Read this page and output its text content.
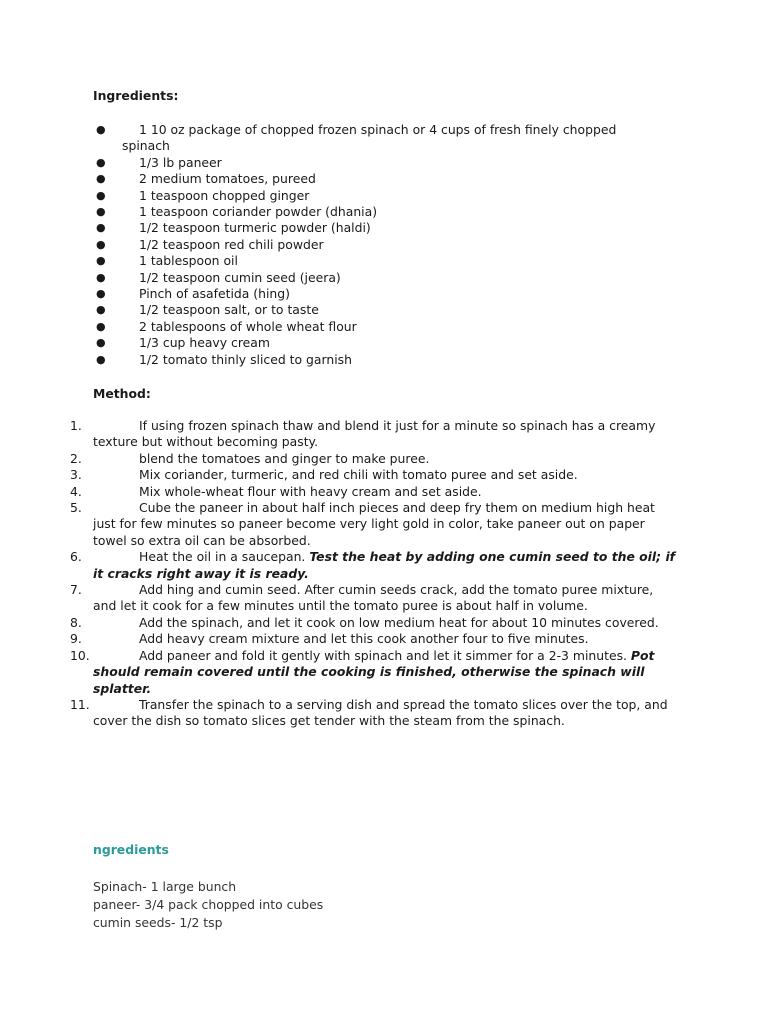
Ingredients:
●	1 10 oz package of chopped frozen spinach or 4 cups of fresh finely chopped spinach
●	1/3 lb paneer
●	2 medium tomatoes, pureed
●	1 teaspoon chopped ginger
●	1 teaspoon coriander powder (dhania)
●	1/2 teaspoon turmeric powder (haldi)
●	1/2 teaspoon red chili powder
●	1 tablespoon oil
●	1/2 teaspoon cumin seed (jeera)
●	Pinch of asafetida (hing)
●	1/2 teaspoon salt, or to taste
●	2 tablespoons of whole wheat flour
●	1/3 cup heavy cream
●	1/2 tomato thinly sliced to garnish
Method:
1.	If using frozen spinach thaw and blend it just for a minute so spinach has a creamy texture but without becoming pasty.
2.	blend the tomatoes and ginger to make puree.
3.	Mix coriander, turmeric, and red chili with tomato puree and set aside.
4.	Mix whole-wheat flour with heavy cream and set aside.
5.	Cube the paneer in about half inch pieces and deep fry them on medium high heat just for few minutes so paneer become very light gold in color, take paneer out on paper towel so extra oil can be absorbed.
6.	Heat the oil in a saucepan. Test the heat by adding one cumin seed to the oil; if it cracks right away it is ready.
7.	Add hing and cumin seed. After cumin seeds crack, add the tomato puree mixture, and let it cook for a few minutes until the tomato puree is about half in volume.
8.	Add the spinach, and let it cook on low medium heat for about 10 minutes covered.
9.	Add heavy cream mixture and let this cook another four to five minutes.
10.	Add paneer and fold it gently with spinach and let it simmer for a 2-3 minutes. Pot should remain covered until the cooking is finished, otherwise the spinach will splatter.
11.	Transfer the spinach to a serving dish and spread the tomato slices over the top, and cover the dish so tomato slices get tender with the steam from the spinach.
ngredients
Spinach- 1 large bunch
paneer- 3/4 pack chopped into cubes
cumin seeds- 1/2 tsp
